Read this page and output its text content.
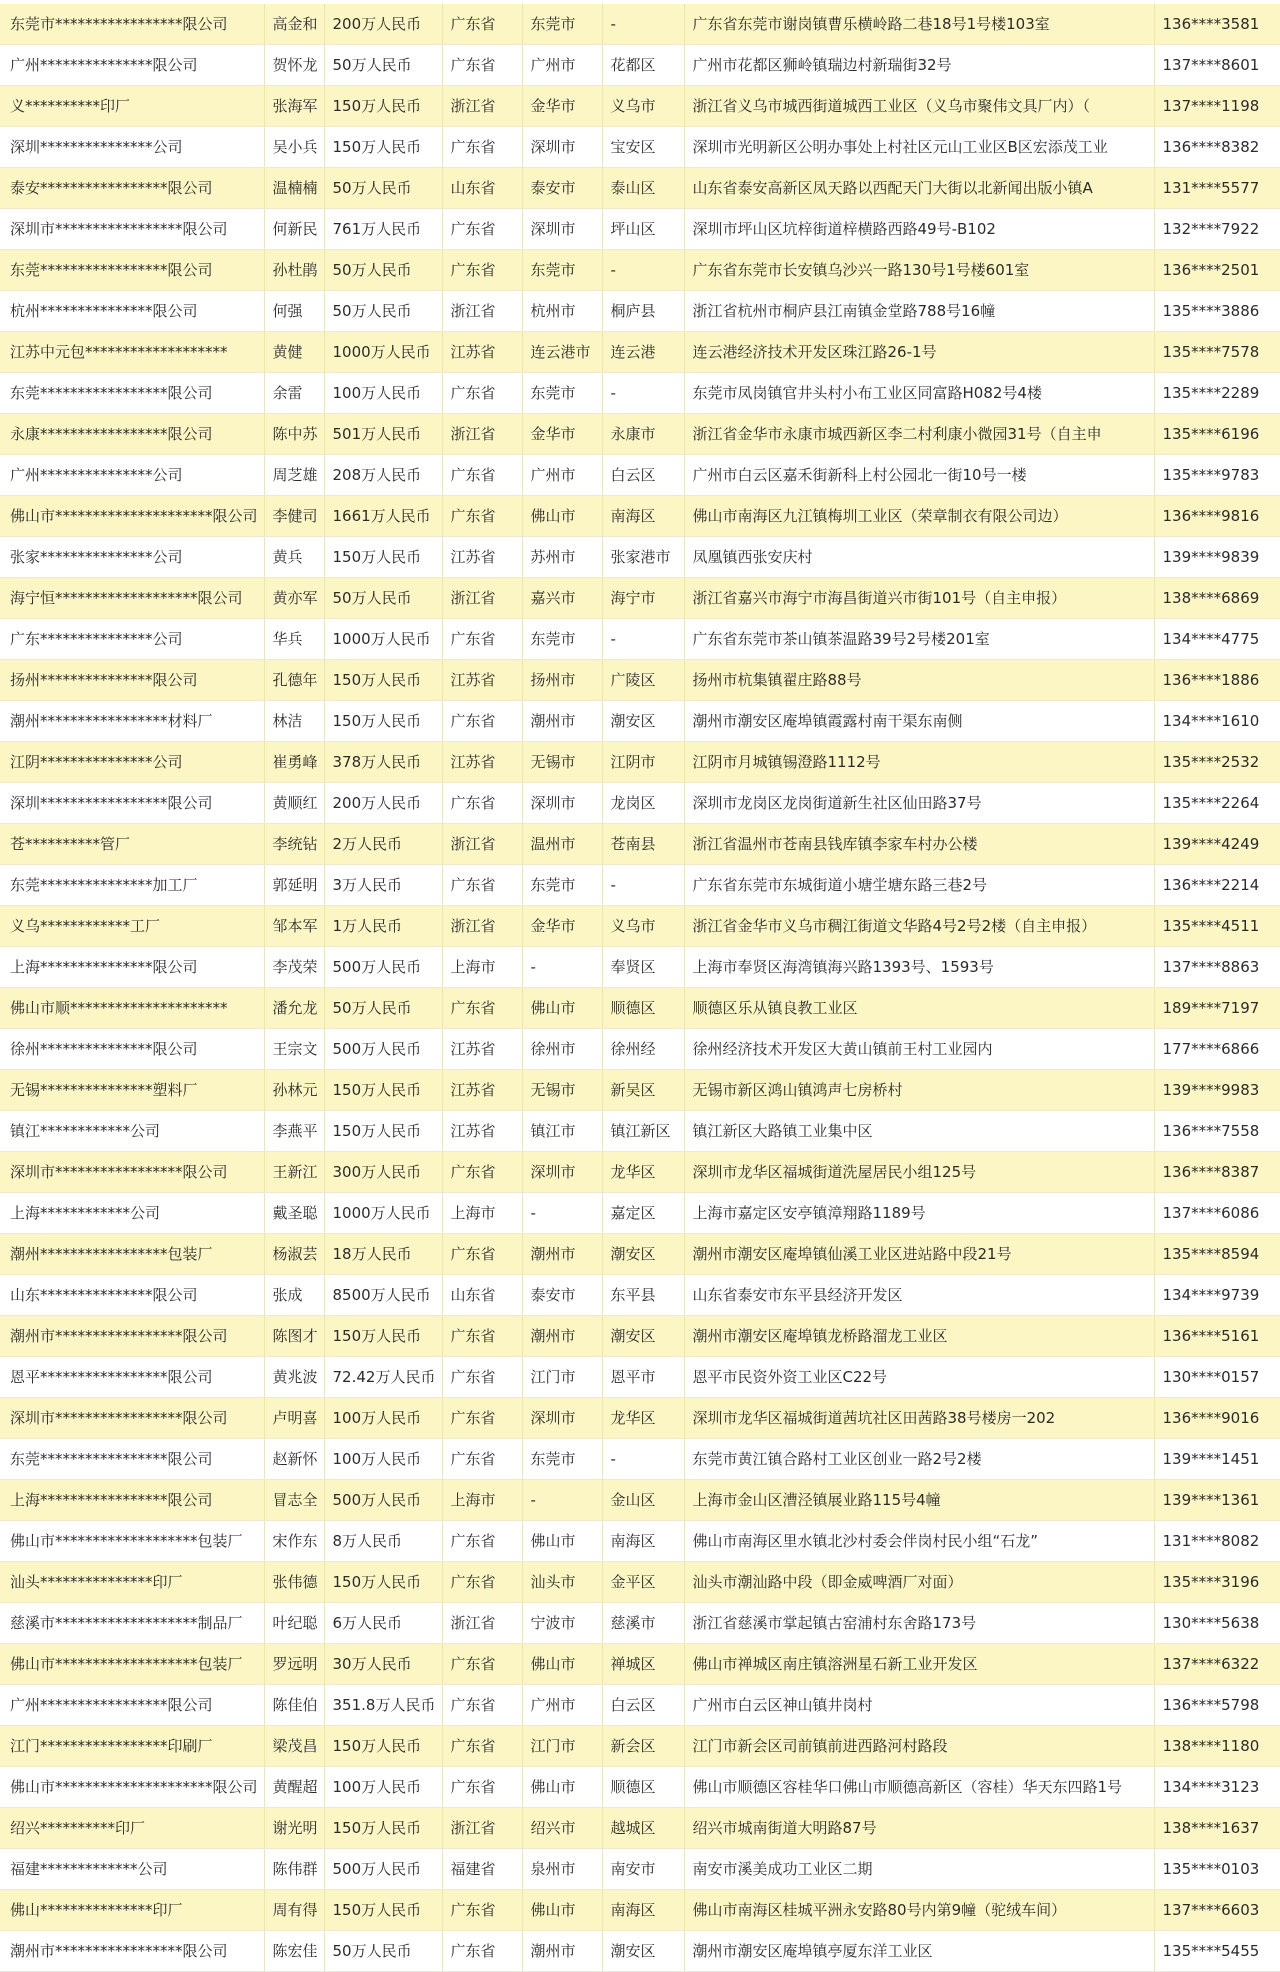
东莞市*****************限公司	高金和	200万人民币	广东省	东莞市	-	广东省东莞市谢岗镇曹乐横岭路二巷18号1号楼103室	136****3581
广州***************限公司	贺怀龙	50万人民币	广东省	广州市	花都区	广州市花都区狮岭镇瑞边村新瑞街32号	137****8601
义**********印厂	张海军	150万人民币	浙江省	金华市	义乌市	浙江省义乌市城西街道城西工业区（义乌市聚伟文具厂内）（	137****1198
深圳***************公司	吴小兵	150万人民币	广东省	深圳市	宝安区	深圳市光明新区公明办事处上村社区元山工业区B区宏添茂工业	136****8382
泰安*****************限公司	温楠楠	50万人民币	山东省	泰安市	泰山区	山东省泰安高新区凤天路以西配天门大街以北新闻出版小镇A	131****5577
深圳市*****************限公司	何新民	761万人民币	广东省	深圳市	坪山区	深圳市坪山区坑梓街道梓横路西路49号-B102	132****7922
东莞*****************限公司	孙杜鹃	50万人民币	广东省	东莞市	-	广东省东莞市长安镇乌沙兴一路130号1号楼601室	136****2501
杭州***************限公司	何强	50万人民币	浙江省	杭州市	桐庐县	浙江省杭州市桐庐县江南镇金堂路788号16幢	135****3886
江苏中元包*******************	黄健	1000万人民币	江苏省	连云港市	连云港	连云港经济技术开发区珠江路26-1号	135****7578
东莞*****************限公司	余雷	100万人民币	广东省	东莞市	-	东莞市凤岗镇官井头村小布工业区同富路H082号4楼	135****2289
永康*****************限公司	陈中苏	501万人民币	浙江省	金华市	永康市	浙江省金华市永康市城西新区李二村利康小微园31号（自主申	135****6196
广州***************公司	周芝雄	208万人民币	广东省	广州市	白云区	广州市白云区嘉禾街新科上村公园北一街10号一楼	135****9783
佛山市*********************限公司	李健司	1661万人民币	广东省	佛山市	南海区	佛山市南海区九江镇梅圳工业区（荣章制衣有限公司边）	136****9816
张家***************公司	黄兵	150万人民币	江苏省	苏州市	张家港市	凤凰镇西张安庆村	139****9839
海宁恒*******************限公司	黄亦军	50万人民币	浙江省	嘉兴市	海宁市	浙江省嘉兴市海宁市海昌街道兴市街101号（自主申报）	138****6869
广东***************公司	华兵	1000万人民币	广东省	东莞市	-	广东省东莞市茶山镇茶温路39号2号楼201室	134****4775
扬州***************限公司	孔德年	150万人民币	江苏省	扬州市	广陵区	扬州市杭集镇翟庄路88号	136****1886
潮州*****************材料厂	林洁	150万人民币	广东省	潮州市	潮安区	潮州市潮安区庵埠镇霞露村南干渠东南侧	134****1610
江阴***************公司	崔勇峰	378万人民币	江苏省	无锡市	江阴市	江阴市月城镇锡澄路1112号	135****2532
深圳*****************限公司	黄顺红	200万人民币	广东省	深圳市	龙岗区	深圳市龙岗区龙岗街道新生社区仙田路37号	135****2264
苍**********管厂	李统钻	2万人民币	浙江省	温州市	苍南县	浙江省温州市苍南县钱库镇李家车村办公楼	139****4249
东莞***************加工厂	郭延明	3万人民币	广东省	东莞市	-	广东省东莞市东城街道小塘坣塘东路三巷2号	136****2214
义乌************工厂	邹本军	1万人民币	浙江省	金华市	义乌市	浙江省金华市义乌市稠江街道文华路4号2号2楼（自主申报）	135****4511
上海***************限公司	李茂荣	500万人民币	上海市	-	奉贤区	上海市奉贤区海湾镇海兴路1393号、1593号	137****8863
佛山市顺*********************	潘允龙	50万人民币	广东省	佛山市	顺德区	顺德区乐从镇良教工业区	189****7197
徐州***************限公司	王宗文	500万人民币	江苏省	徐州市	徐州经	徐州经济技术开发区大黄山镇前王村工业园内	177****6866
无锡***************塑料厂	孙林元	150万人民币	江苏省	无锡市	新吴区	无锡市新区鸿山镇鸿声七房桥村	139****9983
镇江************公司	李燕平	150万人民币	江苏省	镇江市	镇江新区	镇江新区大路镇工业集中区	136****7558
深圳市*****************限公司	王新江	300万人民币	广东省	深圳市	龙华区	深圳市龙华区福城街道洗屋居民小组125号	136****8387
上海************公司	戴圣聪	1000万人民币	上海市	-	嘉定区	上海市嘉定区安亭镇漳翔路1189号	137****6086
潮州*****************包装厂	杨淑芸	18万人民币	广东省	潮州市	潮安区	潮州市潮安区庵埠镇仙溪工业区进站路中段21号	135****8594
山东***************限公司	张成	8500万人民币	山东省	泰安市	东平县	山东省泰安市东平县经济开发区	134****9739
潮州市*****************限公司	陈图才	150万人民币	广东省	潮州市	潮安区	潮州市潮安区庵埠镇龙桥路溜龙工业区	136****5161
恩平*****************限公司	黄兆波	72.42万人民币	广东省	江门市	恩平市	恩平市民资外资工业区C22号	130****0157
深圳市*****************限公司	卢明喜	100万人民币	广东省	深圳市	龙华区	深圳市龙华区福城街道茜坑社区田茜路38号楼房一202	136****9016
东莞*****************限公司	赵新怀	100万人民币	广东省	东莞市	-	东莞市黄江镇合路村工业区创业一路2号2楼	139****1451
上海*****************限公司	冒志全	500万人民币	上海市	-	金山区	上海市金山区漕泾镇展业路115号4幢	139****1361
佛山市*******************包装厂	宋作东	8万人民币	广东省	佛山市	南海区	佛山市南海区里水镇北沙村委会伴岗村民小组“石龙”	131****8082
汕头***************印厂	张伟德	150万人民币	广东省	汕头市	金平区	汕头市潮汕路中段（即金威啤酒厂对面）	135****3196
慈溪市*******************制品厂	叶纪聪	6万人民币	浙江省	宁波市	慈溪市	浙江省慈溪市掌起镇古窑浦村东舍路173号	130****5638
佛山市*******************包装厂	罗远明	30万人民币	广东省	佛山市	禅城区	佛山市禅城区南庄镇溶洲星石新工业开发区	137****6322
广州*****************限公司	陈佳伯	351.8万人民币	广东省	广州市	白云区	广州市白云区神山镇井岗村	136****5798
江门*****************印刷厂	梁茂昌	150万人民币	广东省	江门市	新会区	江门市新会区司前镇前进西路河村路段	138****1180
佛山市*********************限公司	黄醒超	100万人民币	广东省	佛山市	顺德区	佛山市顺德区容桂华口佛山市顺德高新区（容桂）华天东四路1号	134****3123
绍兴**********印厂	谢光明	150万人民币	浙江省	绍兴市	越城区	绍兴市城南街道大明路87号	138****1637
福建*************公司	陈伟群	500万人民币	福建省	泉州市	南安市	南安市溪美成功工业区二期	135****0103
佛山***************印厂	周有得	150万人民币	广东省	佛山市	南海区	佛山市南海区桂城平洲永安路80号内第9幢（驼绒车间）	137****6603
潮州市*****************限公司	陈宏佳	50万人民币	广东省	潮州市	潮安区	潮州市潮安区庵埠镇亭厦东洋工业区	135****5455
